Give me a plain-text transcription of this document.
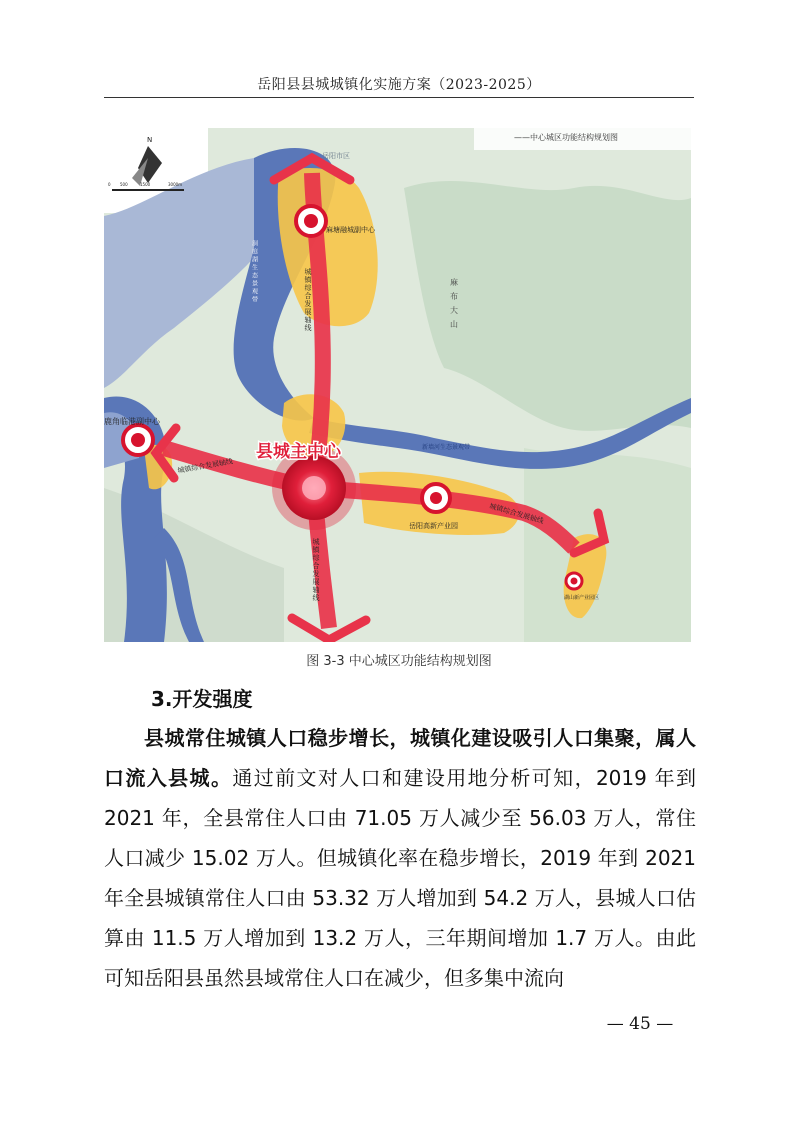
岳阳县县城城镇化实施方案（2023-2025）
N
0 500	1500	3000m
——中心城区功能结构规划图
岳阳市区
麻塘融城副中心
鹿角临港副中心
县城主中心
岳阳高新产业园
湖山新产业园区
新墙河生态景观带
麻布大山
洞庭湖生态景观带	城镇综合发展轴线
城镇综合发展轴线
城镇综合发展轴线
城镇综合发展轴线
图 3-3 中心城区功能结构规划图
3.开发强度

县城常住城镇人口稳步增长，城镇化建设吸引人口集聚，属人口流入县城。通过前文对人口和建设用地分析可知，2019 年到 2021 年，全县常住人口由 71.05 万人减少至 56.03 万人，常住人口减少 15.02 万人。但城镇化率在稳步增长，2019 年到 2021 年全县城镇常住人口由 53.32 万人增加到 54.2 万人，县城人口估算由 11.5 万人增加到 13.2 万人，三年期间增加 1.7 万人。由此可知岳阳县虽然县域常住人口在减少，但多集中流向

— 45 —
